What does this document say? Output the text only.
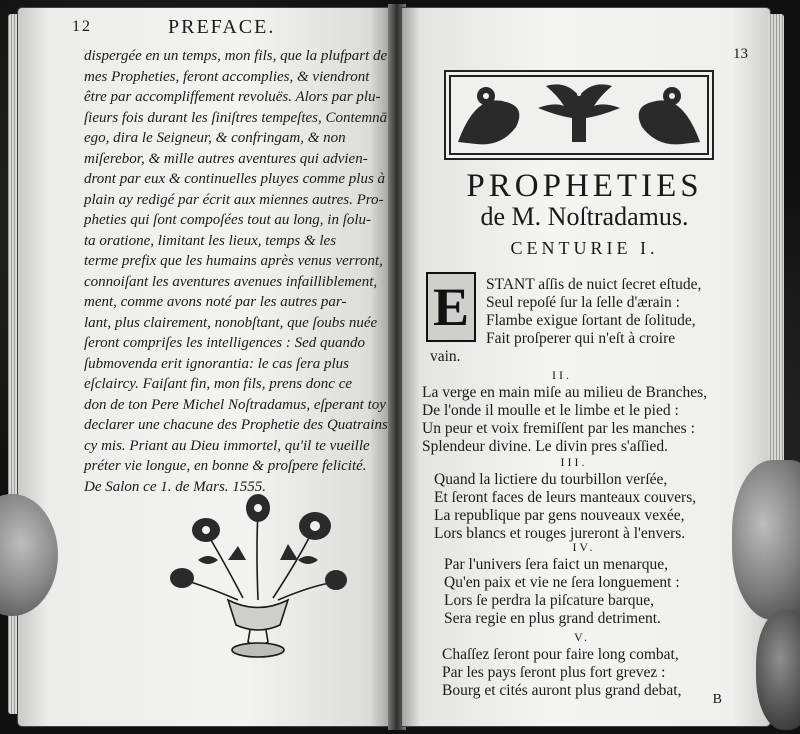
12	PREFACE.

dispergée en un temps, mon fils, que la plufpart de

mes Propheties, feront accomplies, & viendront

être par accompliffement revoluës. Alors par plu-

ſieurs fois durant les ſiniſtres tempeſtes, Contemnā

ego, dira le Seigneur, & confringam, & non

miſerebor, & mille autres aventures qui advien-

dront par eux & continuelles pluyes comme plus à

plain ay redigé par écrit aux miennes autres. Pro-

pheties qui ſont compoſées tout au long, in ſolu-

ta oratione, limitant les lieux, temps & les

terme prefix que les humains après venus verront,

connoiſant les aventures avenues infailliblement,

ment, comme avons noté par les autres par-

lant, plus clairement, nonobſtant, que ſoubs nuée

ſeront compriſes les intelligences : Sed quando

ſubmovenda erit ignorantia: le cas ſera plus

eſclaircy. Faiſant fin, mon fils, prens donc ce

don de ton Pere Michel Noſtradamus, eſperant toy

declarer une chacune des Prophetie des Quatrains

cy mis. Priant au Dieu immortel, qu'il te vueille

préter vie longue, en bonne & proſpere felicité.

De Salon ce 1. de Mars. 1555.

13
PROPHETIES
de M. Noſtradamus.
CENTURIE I.
E	STANT aſſis de nuict ſecret eſtude,

Seul repoſé ſur la ſelle d'ærain :

Flambe exigue ſortant de ſolitude,

Fait proſperer qui n'eſt à croire

vain.

II.

La verge en main miſe au milieu de Branches,

De l'onde il moulle et le limbe et le pied :

Un peur et voix fremiſſent par les manches :

Splendeur divine. Le divin pres s'aſſied.

III.

Quand la lictiere du tourbillon verſée,

Et ſeront faces de leurs manteaux couvers,

La republique par gens nouveaux vexée,

Lors blancs et rouges jureront à l'envers.

IV.

Par l'univers ſera faict un menarque,

Qu'en paix et vie ne ſera longuement :

Lors ſe perdra la piſcature barque,

Sera regie en plus grand detriment.

V.

Chaſſez ſeront pour faire long combat,

Par les pays ſeront plus fort grevez :

Bourg et cités auront plus grand debat,

B
